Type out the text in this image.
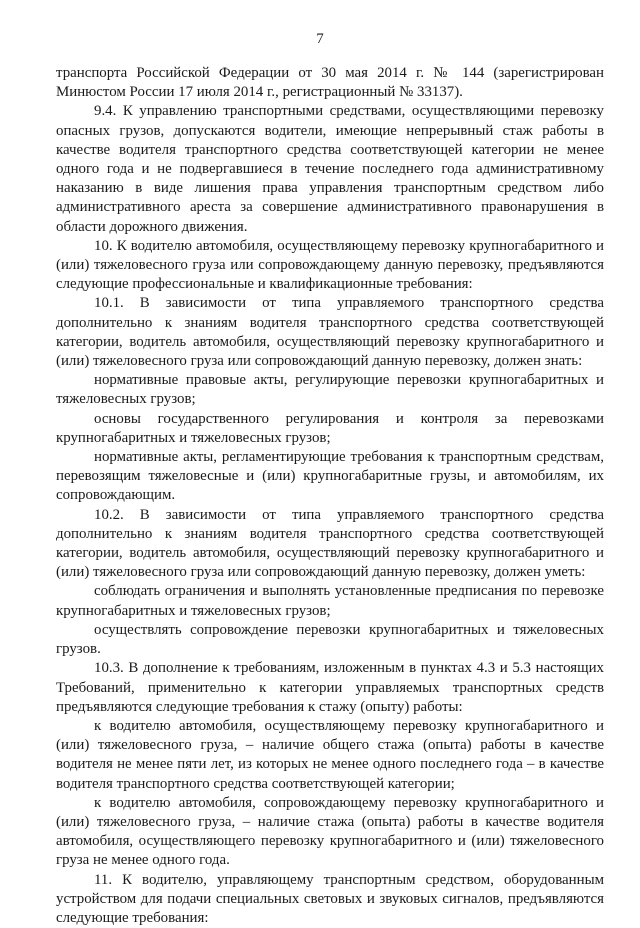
7

транспорта Российской Федерации от 30 мая 2014 г. № 144 (зарегистрирован Минюстом России 17 июля 2014 г., регистрационный № 33137).

9.4. К управлению транспортными средствами, осуществляющими перевозку опасных грузов, допускаются водители, имеющие непрерывный стаж работы в качестве водителя транспортного средства соответствующей категории не менее одного года и не подвергавшиеся в течение последнего года административному наказанию в виде лишения права управления транспортным средством либо административного ареста за совершение административного правонарушения в области дорожного движения.

10. К водителю автомобиля, осуществляющему перевозку крупногабаритного и (или) тяжеловесного груза или сопровождающему данную перевозку, предъявляются следующие профессиональные и квалификационные требования:

10.1. В зависимости от типа управляемого транспортного средства дополнительно к знаниям водителя транспортного средства соответствующей категории, водитель автомобиля, осуществляющий перевозку крупногабаритного и (или) тяжеловесного груза или сопровождающий данную перевозку, должен знать:

нормативные правовые акты, регулирующие перевозки крупногабаритных и тяжеловесных грузов;

основы государственного регулирования и контроля за перевозками крупногабаритных и тяжеловесных грузов;

нормативные акты, регламентирующие требования к транспортным средствам, перевозящим тяжеловесные и (или) крупногабаритные грузы, и автомобилям, их сопровождающим.

10.2. В зависимости от типа управляемого транспортного средства дополнительно к знаниям водителя транспортного средства соответствующей категории, водитель автомобиля, осуществляющий перевозку крупногабаритного и (или) тяжеловесного груза или сопровождающий данную перевозку, должен уметь:

соблюдать ограничения и выполнять установленные предписания по перевозке крупногабаритных и тяжеловесных грузов;

осуществлять сопровождение перевозки крупногабаритных и тяжеловесных грузов.

10.3. В дополнение к требованиям, изложенным в пунктах 4.3 и 5.3 настоящих Требований, применительно к категории управляемых транспортных средств предъявляются следующие требования к стажу (опыту) работы:

к водителю автомобиля, осуществляющему перевозку крупногабаритного и (или) тяжеловесного груза, – наличие общего стажа (опыта) работы в качестве водителя не менее пяти лет, из которых не менее одного последнего года – в качестве водителя транспортного средства соответствующей категории;

к водителю автомобиля, сопровождающему перевозку крупногабаритного и (или) тяжеловесного груза, – наличие стажа (опыта) работы в качестве водителя автомобиля, осуществляющего перевозку крупногабаритного и (или) тяжеловесного груза не менее одного года.

11. К водителю, управляющему транспортным средством, оборудованным устройством для подачи специальных световых и звуковых сигналов, предъявляются следующие требования:
